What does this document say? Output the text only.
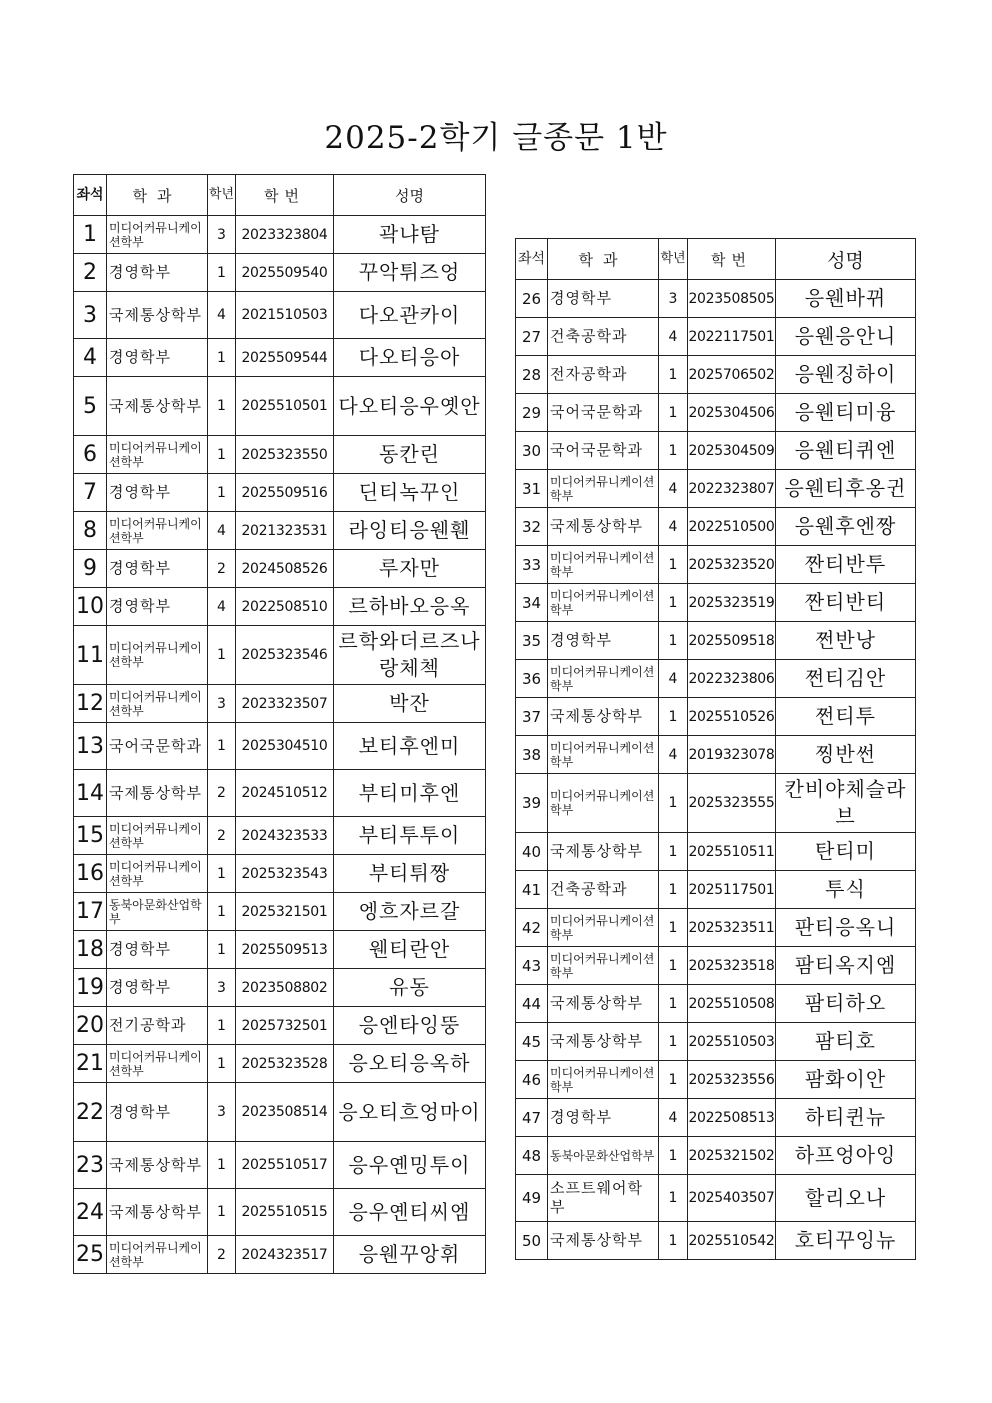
2025-2학기 글종문 1반
좌석	학과	학년	학번	성명
1	미디어커뮤니케이션학부	3	2023323804	곽냐탐
2	경영학부	1	2025509540	꾸악튀즈엉
3	국제통상학부	4	2021510503	다오관카이
4	경영학부	1	2025509544	다오티응아
5	국제통상학부	1	2025510501	다오티응우옛안
6	미디어커뮤니케이션학부	1	2025323550	동칸린
7	경영학부	1	2025509516	딘티녹꾸인
8	미디어커뮤니케이션학부	4	2021323531	라잉티응웬휀
9	경영학부	2	2024508526	루자만
10	경영학부	4	2022508510	르하바오응옥
11	미디어커뮤니케이션학부	1	2025323546	르학와더르즈나랑체첵
12	미디어커뮤니케이션학부	3	2023323507	박잔
13	국어국문학과	1	2025304510	보티후엔미
14	국제통상학부	2	2024510512	부티미후엔
15	미디어커뮤니케이션학부	2	2024323533	부티투투이
16	미디어커뮤니케이션학부	1	2025323543	부티튀짱
17	동북아문화산업학부	1	2025321501	엥흐자르갈
18	경영학부	1	2025509513	웬티란안
19	경영학부	3	2023508802	유동
20	전기공학과	1	2025732501	응엔타잉뚱
21	미디어커뮤니케이션학부	1	2025323528	응오티응옥하
22	경영학부	3	2023508514	응오티흐엉마이
23	국제통상학부	1	2025510517	응우옌밍투이
24	국제통상학부	1	2025510515	응우옌티씨엠
25	미디어커뮤니케이션학부	2	2024323517	응웬꾸앙휘
좌석	학과	학년	학번	성명
26	경영학부	3	2023508505	응웬바뀌
27	건축공학과	4	2022117501	응웬응안니
28	전자공학과	1	2025706502	응웬징하이
29	국어국문학과	1	2025304506	응웬티미융
30	국어국문학과	1	2025304509	응웬티퀴엔
31	미디어커뮤니케이션학부	4	2022323807	응웬티후옹귄
32	국제통상학부	4	2022510500	응웬후엔짱
33	미디어커뮤니케이션학부	1	2025323520	짠티반투
34	미디어커뮤니케이션학부	1	2025323519	짠티반티
35	경영학부	1	2025509518	쩐반낭
36	미디어커뮤니케이션학부	4	2022323806	쩐티김안
37	국제통상학부	1	2025510526	쩐티투
38	미디어커뮤니케이션학부	4	2019323078	찡반썬
39	미디어커뮤니케이션학부	1	2025323555	칸비야체슬라브
40	국제통상학부	1	2025510511	탄티미
41	건축공학과	1	2025117501	투식
42	미디어커뮤니케이션학부	1	2025323511	판티응옥니
43	미디어커뮤니케이션학부	1	2025323518	팜티옥지엠
44	국제통상학부	1	2025510508	팜티하오
45	국제통상학부	1	2025510503	팜티호
46	미디어커뮤니케이션학부	1	2025323556	팜화이안
47	경영학부	4	2022508513	하티퀸뉴
48	동북아문화산업학부	1	2025321502	하프엉아잉
49	소프트웨어학부	1	2025403507	할리오나
50	국제통상학부	1	2025510542	호티꾸잉뉴
